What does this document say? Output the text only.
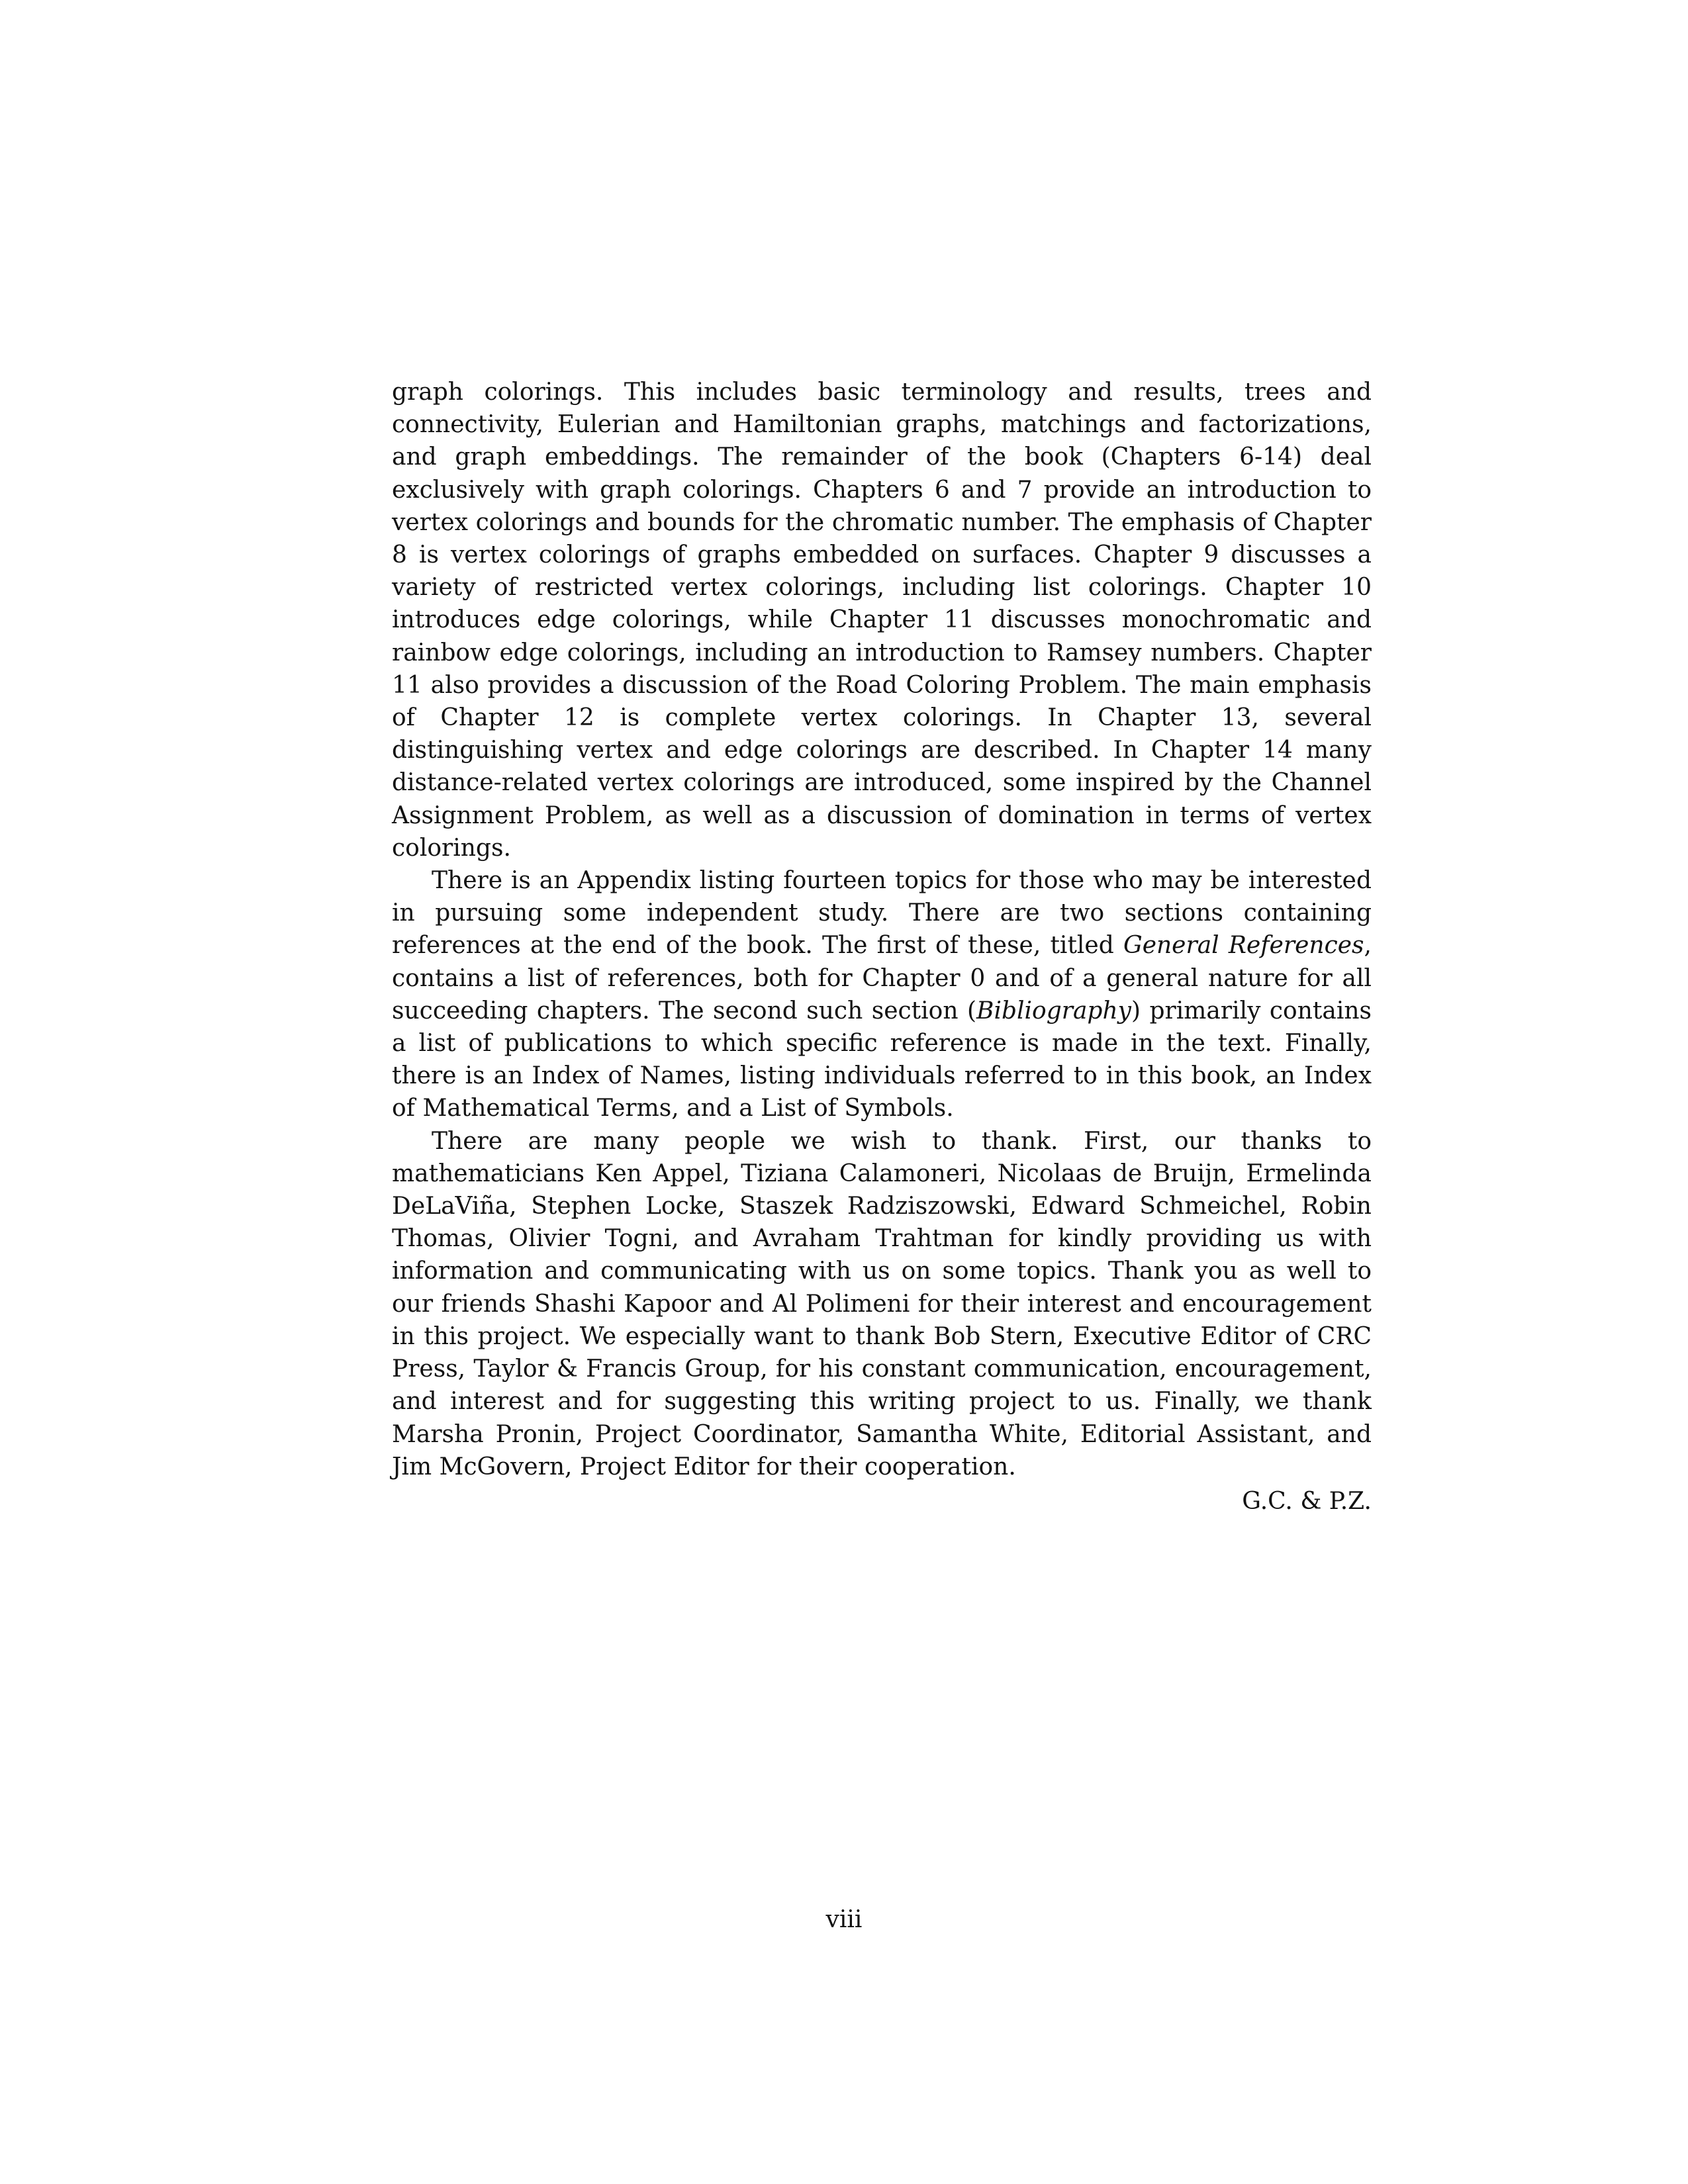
graph colorings. This includes basic terminology and results, trees and connectivity, Eulerian and Hamiltonian graphs, matchings and factorizations, and graph embeddings. The remainder of the book (Chapters 6-14) deal exclusively with graph colorings. Chapters 6 and 7 provide an introduction to vertex colorings and bounds for the chromatic number. The emphasis of Chapter 8 is vertex colorings of graphs embedded on surfaces. Chapter 9 discusses a variety of restricted vertex colorings, including list colorings. Chapter 10 introduces edge colorings, while Chapter 11 discusses monochromatic and rainbow edge colorings, including an introduction to Ramsey numbers. Chapter 11 also provides a discussion of the Road Coloring Problem. The main emphasis of Chapter 12 is complete vertex colorings. In Chapter 13, several distinguishing vertex and edge colorings are described. In Chapter 14 many distance-related vertex colorings are introduced, some inspired by the Channel Assignment Problem, as well as a discussion of domination in terms of vertex colorings.

There is an Appendix listing fourteen topics for those who may be interested in pursuing some independent study. There are two sections containing references at the end of the book. The first of these, titled General References, contains a list of references, both for Chapter 0 and of a general nature for all succeeding chapters. The second such section (Bibliography) primarily contains a list of publications to which specific reference is made in the text. Finally, there is an Index of Names, listing individuals referred to in this book, an Index of Mathematical Terms, and a List of Symbols.

There are many people we wish to thank. First, our thanks to mathematicians Ken Appel, Tiziana Calamoneri, Nicolaas de Bruijn, Ermelinda DeLaViña, Stephen Locke, Staszek Radziszowski, Edward Schmeichel, Robin Thomas, Olivier Togni, and Avraham Trahtman for kindly providing us with information and communicating with us on some topics. Thank you as well to our friends Shashi Kapoor and Al Polimeni for their interest and encouragement in this project. We especially want to thank Bob Stern, Executive Editor of CRC Press, Taylor & Francis Group, for his constant communication, encouragement, and interest and for suggesting this writing project to us. Finally, we thank Marsha Pronin, Project Coordinator, Samantha White, Editorial Assistant, and Jim McGovern, Project Editor for their cooperation.

G.C. & P.Z.
viii
